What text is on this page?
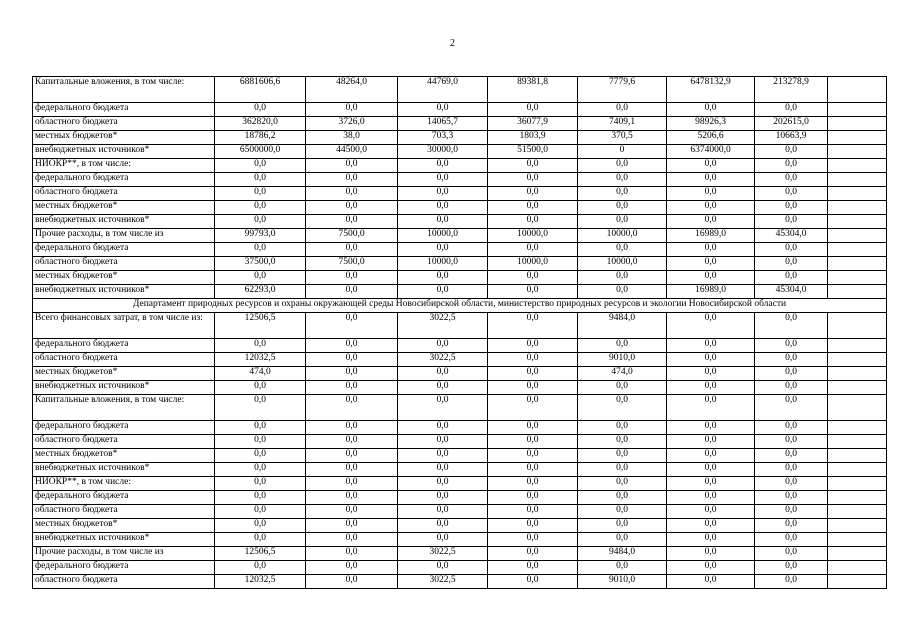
2
Капитальные вложения, в том числе:	6881606,6	48264,0	44769,0	89381,8	7779,6	6478132,9	213278,9	
федерального бюджета	0,0	0,0	0,0	0,0	0,0	0,0	0,0	
областного бюджета	362820,0	3726,0	14065,7	36077,9	7409,1	98926,3	202615,0	
местных бюджетов*	18786,2	38,0	703,3	1803,9	370,5	5206,6	10663,9	
внебюджетных источников*	6500000,0	44500,0	30000,0	51500,0	0	6374000,0	0,0	
НИОКР**, в том числе:	0,0	0,0	0,0	0,0	0,0	0,0	0,0	
федерального бюджета	0,0	0,0	0,0	0,0	0,0	0,0	0,0	
областного бюджета	0,0	0,0	0,0	0,0	0,0	0,0	0,0	
местных бюджетов*	0,0	0,0	0,0	0,0	0,0	0,0	0,0	
внебюджетных источников*	0,0	0,0	0,0	0,0	0,0	0,0	0,0	
Прочие расходы, в том числе из	99793,0	7500,0	10000,0	10000,0	10000,0	16989,0	45304,0	
федерального бюджета	0,0	0,0	0,0	0,0	0,0	0,0	0,0	
областного бюджета	37500,0	7500,0	10000,0	10000,0	10000,0	0,0	0,0	
местных бюджетов*	0,0	0,0	0,0	0,0	0,0	0,0	0,0	
внебюджетных источников*	62293,0	0,0	0,0	0,0	0,0	16989,0	45304,0	
Департамент природных ресурсов и охраны окружающей среды Новосибирской области, министерство природных ресурсов и экологии Новосибирской области								
Всего финансовых затрат, в том числе из:	12506,5	0,0	3022,5	0,0	9484,0	0,0	0,0	
федерального бюджета	0,0	0,0	0,0	0,0	0,0	0,0	0,0	
областного бюджета	12032,5	0,0	3022,5	0,0	9010,0	0,0	0,0	
местных бюджетов*	474,0	0,0	0,0	0,0	474,0	0,0	0,0	
внебюджетных источников*	0,0	0,0	0,0	0,0	0,0	0,0	0,0	
Капитальные вложения, в том числе:	0,0	0,0	0,0	0,0	0,0	0,0	0,0	
федерального бюджета	0,0	0,0	0,0	0,0	0,0	0,0	0,0	
областного бюджета	0,0	0,0	0,0	0,0	0,0	0,0	0,0	
местных бюджетов*	0,0	0,0	0,0	0,0	0,0	0,0	0,0	
внебюджетных источников*	0,0	0,0	0,0	0,0	0,0	0,0	0,0	
НИОКР**, в том числе:	0,0	0,0	0,0	0,0	0,0	0,0	0,0	
федерального бюджета	0,0	0,0	0,0	0,0	0,0	0,0	0,0	
областного бюджета	0,0	0,0	0,0	0,0	0,0	0,0	0,0	
местных бюджетов*	0,0	0,0	0,0	0,0	0,0	0,0	0,0	
внебюджетных источников*	0,0	0,0	0,0	0,0	0,0	0,0	0,0	
Прочие расходы, в том числе из	12506,5	0,0	3022,5	0,0	9484,0	0,0	0,0	
федерального бюджета	0,0	0,0	0,0	0,0	0,0	0,0	0,0	
областного бюджета	12032,5	0,0	3022,5	0,0	9010,0	0,0	0,0	
